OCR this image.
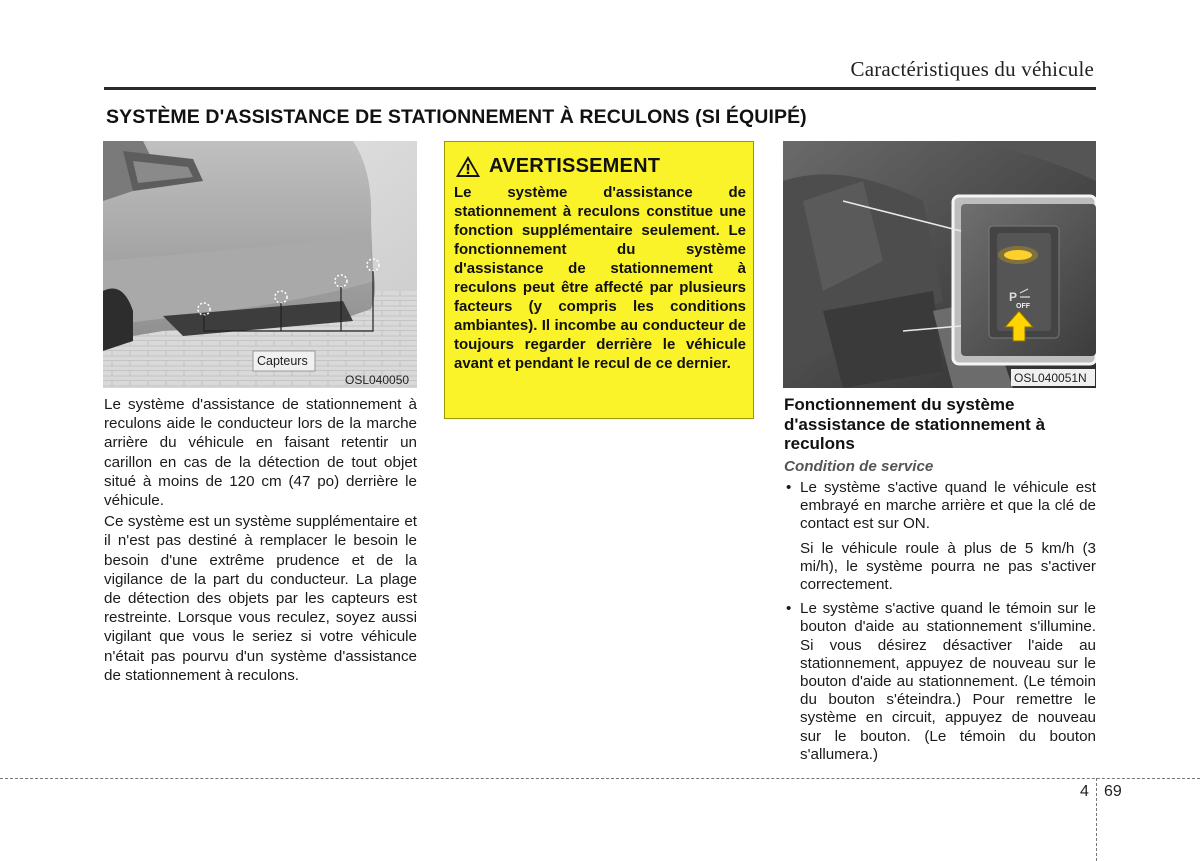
Caractéristiques du véhicule
SYSTÈME D'ASSISTANCE DE STATIONNEMENT À RECULONS (SI ÉQUIPÉ)
Capteurs
OSL040050

Le système d'assistance de stationnement à reculons aide le conducteur lors de la marche arrière du véhicule en faisant retentir un carillon en cas de la détection de tout objet situé à moins de 120 cm (47 po) derrière le véhicule.

Ce système est un système supplémentaire et il n'est pas destiné à remplacer le besoin le besoin d'une extrême prudence et de la vigilance de la part du conducteur. La plage de détection des objets par les capteurs est restreinte. Lorsque vous reculez, soyez aussi vigilant que vous le seriez si votre véhicule n'était pas pourvu d'un système d'assistance de stationnement à reculons.

AVERTISSEMENT
Le système d'assistance de stationnement à reculons constitue une fonction supplémentaire seulement. Le fonctionnement du système d'assistance de stationnement à reculons peut être affecté par plusieurs facteurs (y compris les conditions ambiantes). Il incombe au conducteur de toujours regarder derrière le véhicule avant et pendant le recul de ce dernier.
P
OFF
OSL040051N
Fonctionnement du système d'assistance de stationnement à reculons
Condition de service
• Le système s'active quand le véhicule est embrayé en marche arrière et que la clé de contact est sur ON.
Si le véhicule roule à plus de 5 km/h (3 mi/h), le système pourra ne pas s'activer correctement.
• Le système s'active quand le témoin sur le bouton d'aide au stationnement s'illumine. Si vous désirez désactiver l'aide au stationnement, appuyez de nouveau sur le bouton d'aide au stationnement. (Le témoin du bouton s'éteindra.) Pour remettre le système en circuit, appuyez de nouveau sur le bouton. (Le témoin du bouton s'allumera.)
4 69
